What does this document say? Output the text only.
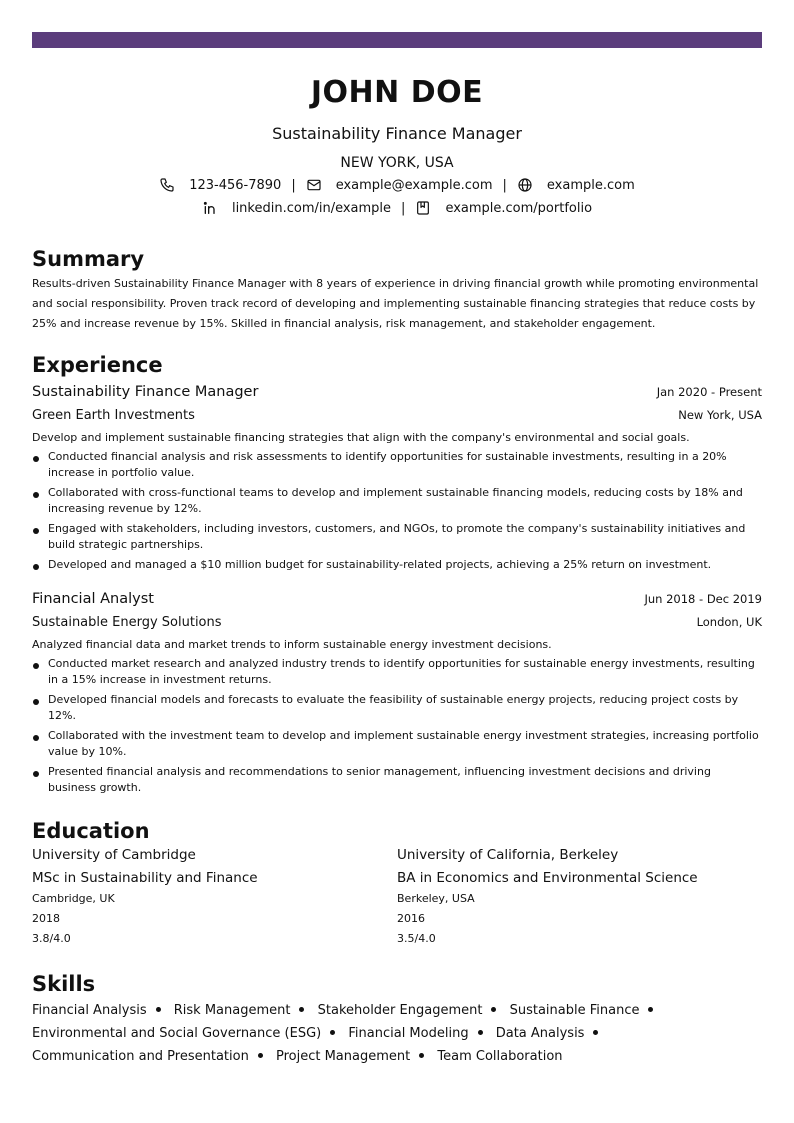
JOHN DOE
Sustainability Finance Manager
NEW YORK, USA
123-456-7890 |	example@example.com |	example.com
linkedin.com/in/example |	example.com/portfolio
Summary
Results-driven Sustainability Finance Manager with 8 years of experience in driving financial growth while promoting environmental and social responsibility. Proven track record of developing and implementing sustainable financing strategies that reduce costs by 25% and increase revenue by 15%. Skilled in financial analysis, risk management, and stakeholder engagement.
Experience
Sustainability Finance Manager	Jan 2020 - Present
Green Earth Investments	New York, USA
Develop and implement sustainable financing strategies that align with the company's environmental and social goals.
Conducted financial analysis and risk assessments to identify opportunities for sustainable investments, resulting in a 20% increase in portfolio value.
Collaborated with cross-functional teams to develop and implement sustainable financing models, reducing costs by 18% and increasing revenue by 12%.
Engaged with stakeholders, including investors, customers, and NGOs, to promote the company's sustainability initiatives and build strategic partnerships.
Developed and managed a $10 million budget for sustainability-related projects, achieving a 25% return on investment.
Financial Analyst	Jun 2018 - Dec 2019
Sustainable Energy Solutions	London, UK
Analyzed financial data and market trends to inform sustainable energy investment decisions.
Conducted market research and analyzed industry trends to identify opportunities for sustainable energy investments, resulting in a 15% increase in investment returns.
Developed financial models and forecasts to evaluate the feasibility of sustainable energy projects, reducing project costs by 12%.
Collaborated with the investment team to develop and implement sustainable energy investment strategies, increasing portfolio value by 10%.
Presented financial analysis and recommendations to senior management, influencing investment decisions and driving business growth.
Education
University of Cambridge
MSc in Sustainability and Finance
Cambridge, UK
2018
3.8/4.0
University of California, Berkeley
BA in Economics and Environmental Science
Berkeley, USA
2016
3.5/4.0
Skills
Financial Analysis Risk Management Stakeholder Engagement Sustainable Finance
Environmental and Social Governance (ESG) Financial Modeling Data Analysis
Communication and Presentation Project Management Team Collaboration
